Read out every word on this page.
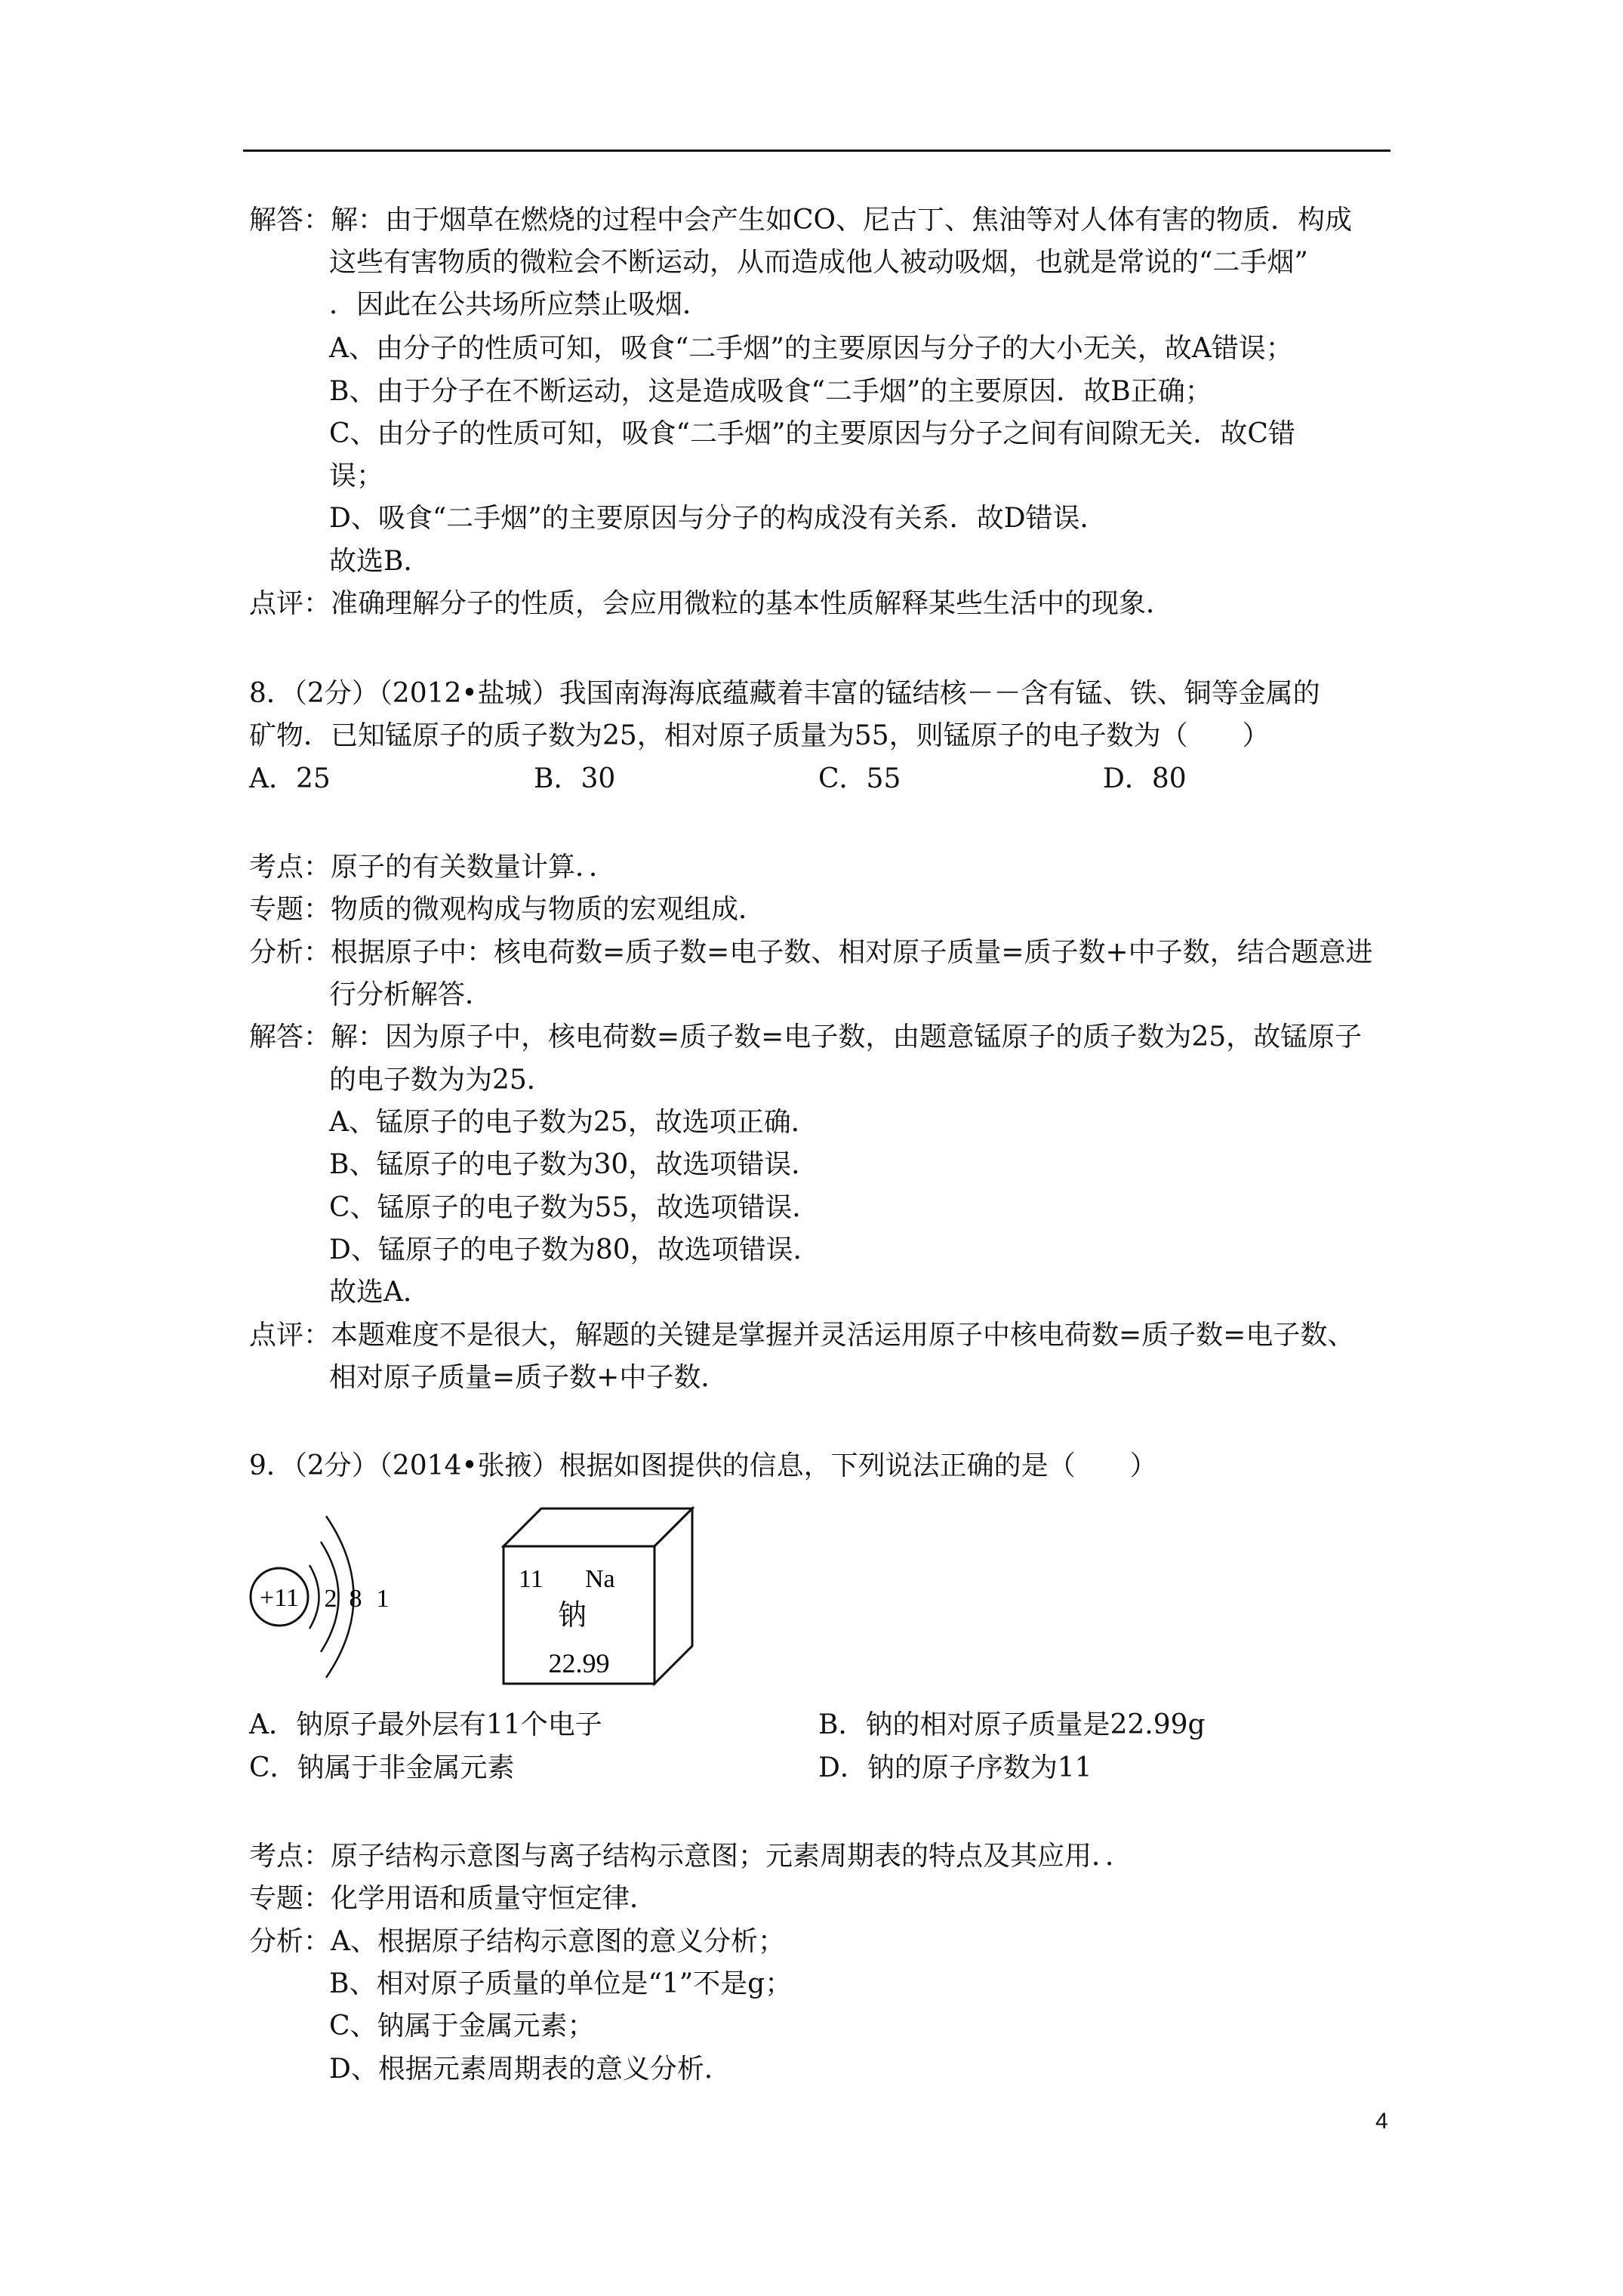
解答：解：由于烟草在燃烧的过程中会产生如CO、尼古丁、焦油等对人体有害的物质．构成
这些有害物质的微粒会不断运动，从而造成他人被动吸烟，也就是常说的“二手烟”
．因此在公共场所应禁止吸烟．
A、由分子的性质可知，吸食“二手烟”的主要原因与分子的大小无关，故A错误；
B、由于分子在不断运动，这是造成吸食“二手烟”的主要原因．故B正确；
C、由分子的性质可知，吸食“二手烟”的主要原因与分子之间有间隙无关．故C错
误；
D、吸食“二手烟”的主要原因与分子的构成没有关系．故D错误．
故选B．
点评：准确理解分子的性质，会应用微粒的基本性质解释某些生活中的现象．
8．（2分）（2012•盐城）我国南海海底蕴藏着丰富的锰结核－－含有锰、铁、铜等金属的
矿物．已知锰原子的质子数为25，相对原子质量为55，则锰原子的电子数为（　　）
A．25	B．30	C．55	D．80
考点：原子的有关数量计算．．
专题：物质的微观构成与物质的宏观组成．
分析：根据原子中：核电荷数=质子数=电子数、相对原子质量=质子数+中子数，结合题意进
行分析解答．
解答：解：因为原子中，核电荷数=质子数=电子数，由题意锰原子的质子数为25，故锰原子
的电子数为为25．
A、锰原子的电子数为25，故选项正确．
B、锰原子的电子数为30，故选项错误．
C、锰原子的电子数为55，故选项错误．
D、锰原子的电子数为80，故选项错误．
故选A．
点评：本题难度不是很大，解题的关键是掌握并灵活运用原子中核电荷数=质子数=电子数、
相对原子质量=质子数+中子数．
9．（2分）（2014•张掖）根据如图提供的信息，下列说法正确的是（　　）
+11 2 8 1
11 Na
钠
22.99
A．钠原子最外层有11个电子	B．钠的相对原子质量是22.99g
C．钠属于非金属元素	D．钠的原子序数为11
考点：原子结构示意图与离子结构示意图；元素周期表的特点及其应用．．
专题：化学用语和质量守恒定律．
分析：A、根据原子结构示意图的意义分析；
B、相对原子质量的单位是“1”不是g；
C、钠属于金属元素；
D、根据元素周期表的意义分析．
4
